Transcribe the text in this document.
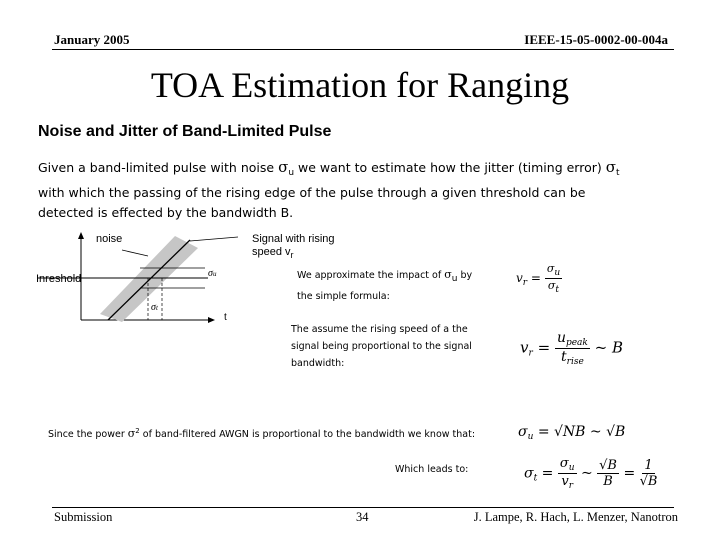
January 2005	IEEE-15-05-0002-00-004a
TOA Estimation for Ranging
Noise and Jitter of Band-Limited Pulse
Given a band-limited pulse with noise $\sigma_u$ we want to estimate how the jitter (timing error) $\sigma_t$
with which the passing of the rising edge of the pulse through a given threshold can be detected is effected by the bandwidth B.
noise	Signal with rising
speed $v_r$
Inreshold	σu
σt
t
We approximate the impact of σu by
the simple formula:
$v_r = \frac{\sigma_u}{\sigma_t}$
The assume the rising speed of a the
signal being proportional to the signal
bandwidth:
$v_r = \frac{u_{peak}}{t_{rise}}$ ~ B
Since the power $\sigma^2$ of band-filtered AWGN is proportional to the bandwidth we know that:	$\sigma_u = √NB$ ~ √B
Which leads to:	$\sigma_t = \frac{\sigma_u}{v_r}$ ~ $\frac{√B}{B} = \frac{1}{√B}$
Submission	34	J. Lampe, R. Hach, L. Menzer, Nanotron
